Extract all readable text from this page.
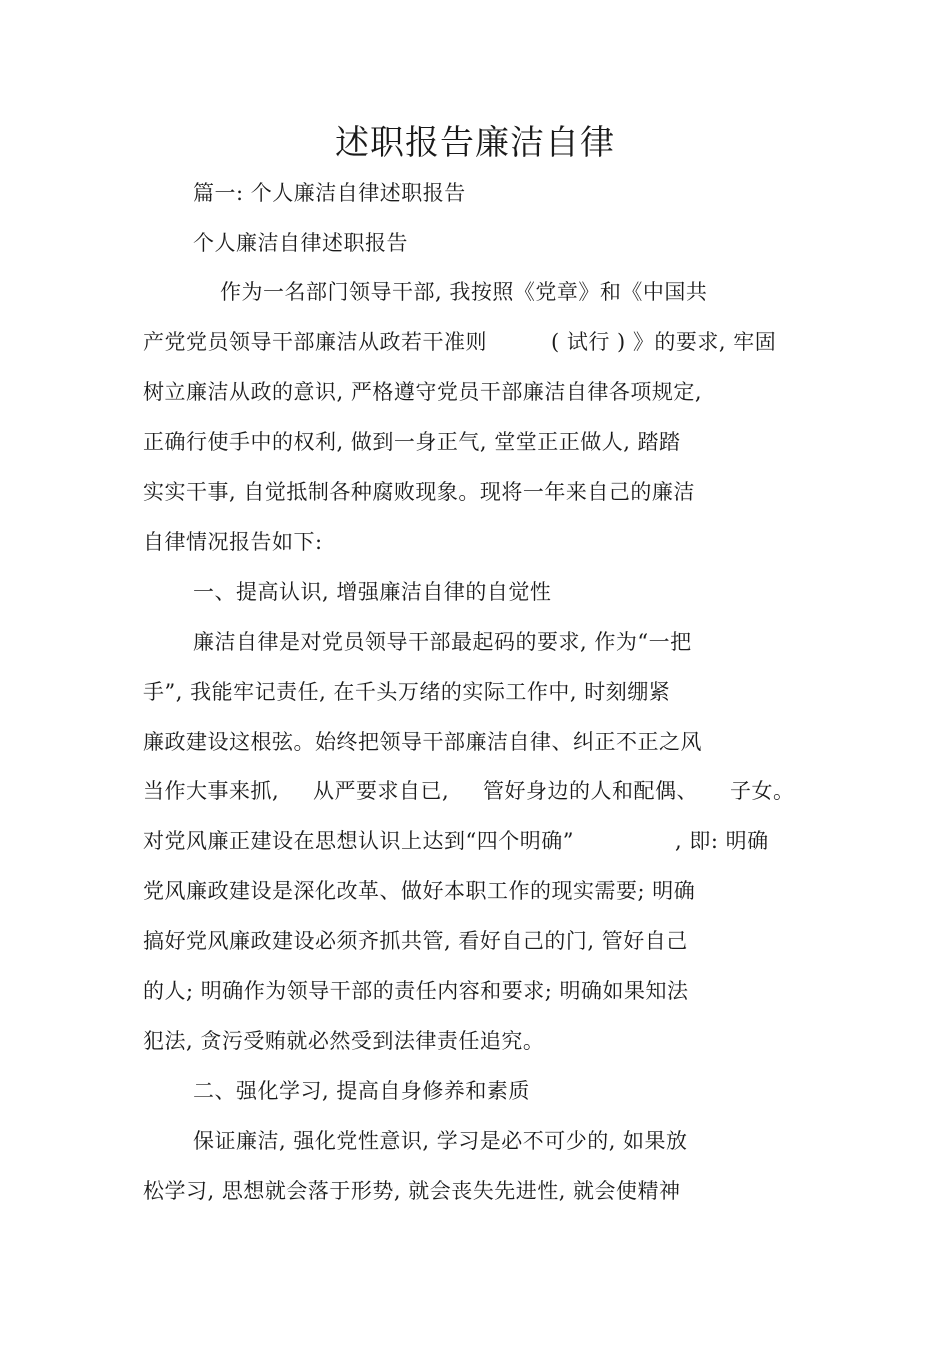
述职报告廉洁自律
篇一: 个人廉洁自律述职报告
个人廉洁自律述职报告
作为一名部门领导干部, 我按照《党章》和《中国共
产党党员领导干部廉洁从政若干准则	( 试行 ) 》的要求, 牢固
树立廉洁从政的意识, 严格遵守党员干部廉洁自律各项规定,
正确行使手中的权利, 做到一身正气, 堂堂正正做人, 踏踏
实实干事, 自觉抵制各种腐败现象。现将一年来自己的廉洁
自律情况报告如下:
一、提高认识, 增强廉洁自律的自觉性
廉洁自律是对党员领导干部最起码的要求, 作为“一把
手”, 我能牢记责任, 在千头万绪的实际工作中, 时刻绷紧
廉政建设这根弦。始终把领导干部廉洁自律、纠正不正之风
当作大事来抓, 从严要求自已, 管好身边的人和配偶、 子女。
对党风廉正建设在思想认识上达到“四个明确”	, 即: 明确
党风廉政建设是深化改革、做好本职工作的现实需要; 明确
搞好党风廉政建设必须齐抓共管, 看好自己的门, 管好自己
的人; 明确作为领导干部的责任内容和要求; 明确如果知法
犯法, 贪污受贿就必然受到法律责任追究。
二、强化学习, 提高自身修养和素质
保证廉洁, 强化党性意识, 学习是必不可少的, 如果放
松学习, 思想就会落于形势, 就会丧失先进性, 就会使精神
